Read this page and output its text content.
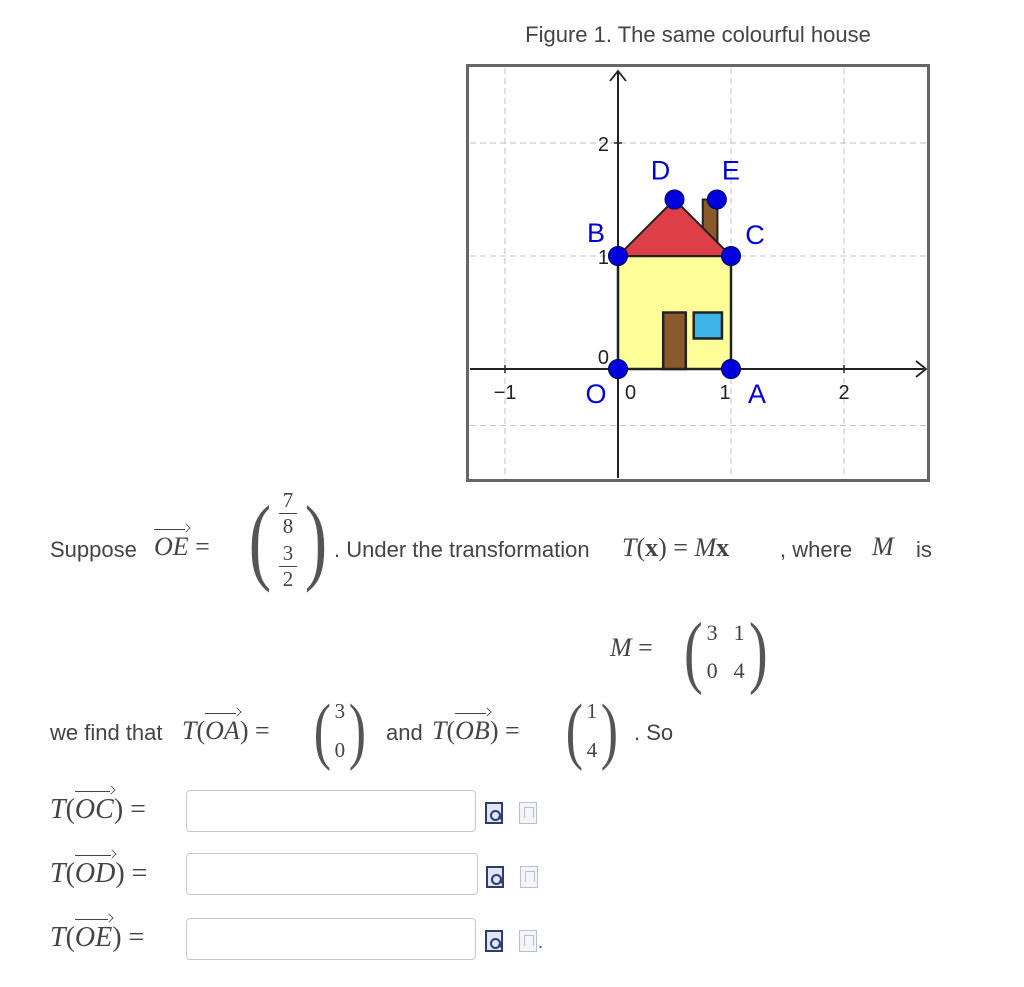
Figure 1. The same colourful house
−1	0	1	2
0
1
2
O	A
B	C
D E
Suppose OE = ( $\frac{7}{8}$
$\frac{3}{2}$ ) . Under the transformation T(x) = Mx , where M is
M = ( 3 1
0 4 )
we find that T(OA) = ( 3
0 ) and T(OB) = ( 1
4 ) . So
T(OC) =
T(OD) =
T(OE) =	.
